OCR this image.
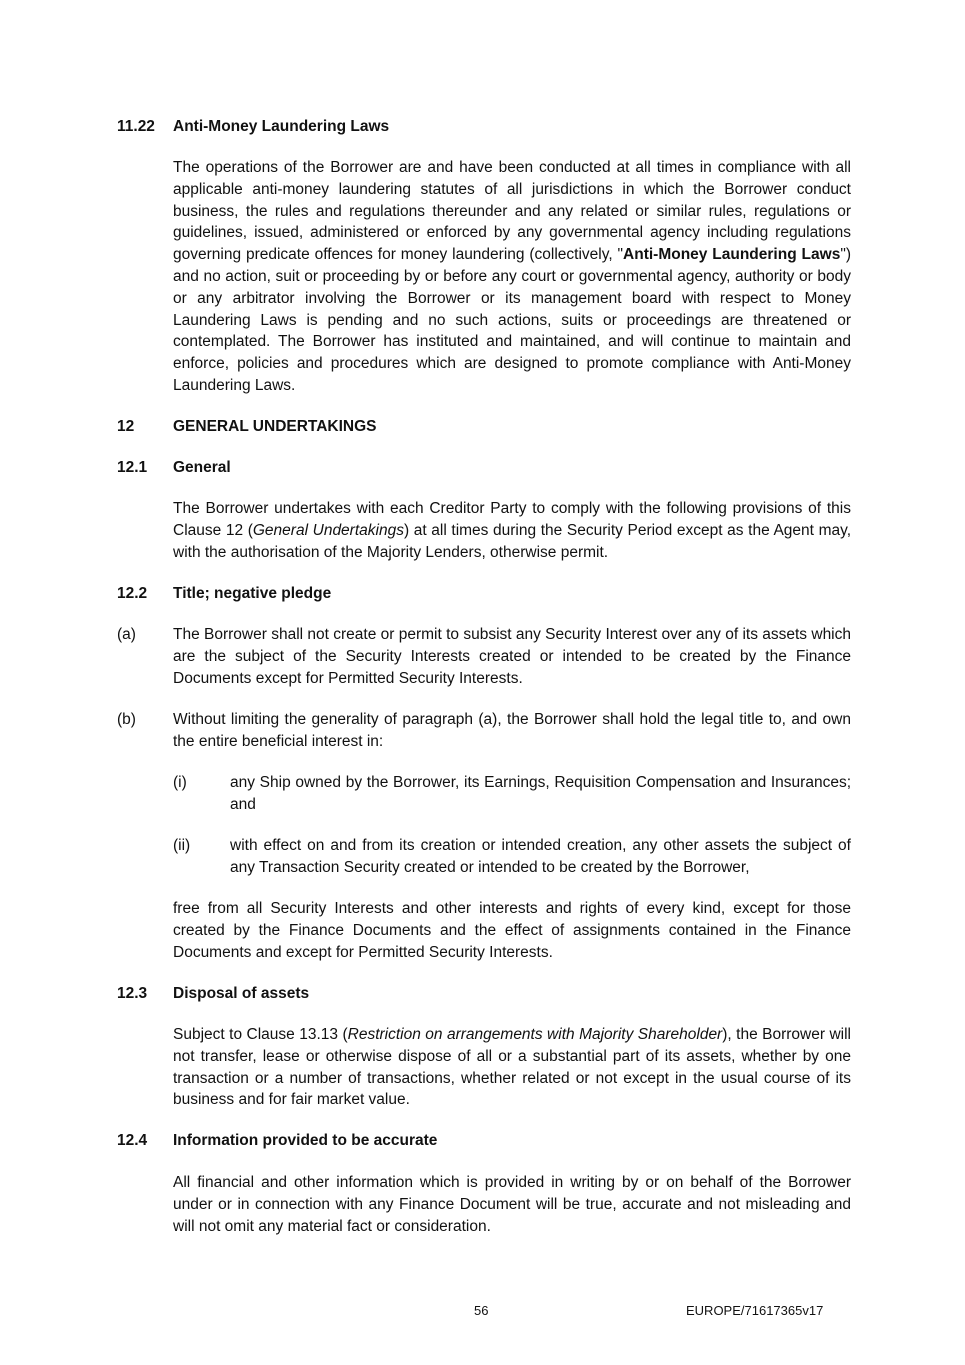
11.22 Anti-Money Laundering Laws

The operations of the Borrower are and have been conducted at all times in compliance with all applicable anti-money laundering statutes of all jurisdictions in which the Borrower conduct business, the rules and regulations thereunder and any related or similar rules, regulations or guidelines, issued, administered or enforced by any governmental agency including regulations governing predicate offences for money laundering (collectively, "Anti-Money Laundering Laws") and no action, suit or proceeding by or before any court or governmental agency, authority or body or any arbitrator involving the Borrower or its management board with respect to Money Laundering Laws is pending and no such actions, suits or proceedings are threatened or contemplated. The Borrower has instituted and maintained, and will continue to maintain and enforce, policies and procedures which are designed to promote compliance with Anti-Money Laundering Laws.

12	GENERAL UNDERTAKINGS
12.1 General

The Borrower undertakes with each Creditor Party to comply with the following provisions of this Clause 12 (General Undertakings) at all times during the Security Period except as the Agent may, with the authorisation of the Majority Lenders, otherwise permit.

12.2 Title; negative pledge
(a) The Borrower shall not create or permit to subsist any Security Interest over any of its assets which are the subject of the Security Interests created or intended to be created by the Finance Documents except for Permitted Security Interests.
(b) Without limiting the generality of paragraph (a), the Borrower shall hold the legal title to, and own the entire beneficial interest in:
(i)	any Ship owned by the Borrower, its Earnings, Requisition Compensation and Insurances; and
(ii)	with effect on and from its creation or intended creation, any other assets the subject of any Transaction Security created or intended to be created by the Borrower,

free from all Security Interests and other interests and rights of every kind, except for those created by the Finance Documents and the effect of assignments contained in the Finance Documents and except for Permitted Security Interests.

12.3 Disposal of assets

Subject to Clause 13.13 (Restriction on arrangements with Majority Shareholder), the Borrower will not transfer, lease or otherwise dispose of all or a substantial part of its assets, whether by one transaction or a number of transactions, whether related or not except in the usual course of its business and for fair market value.

12.4 Information provided to be accurate

All financial and other information which is provided in writing by or on behalf of the Borrower under or in connection with any Finance Document will be true, accurate and not misleading and will not omit any material fact or consideration.

56	EUROPE/71617365v17
